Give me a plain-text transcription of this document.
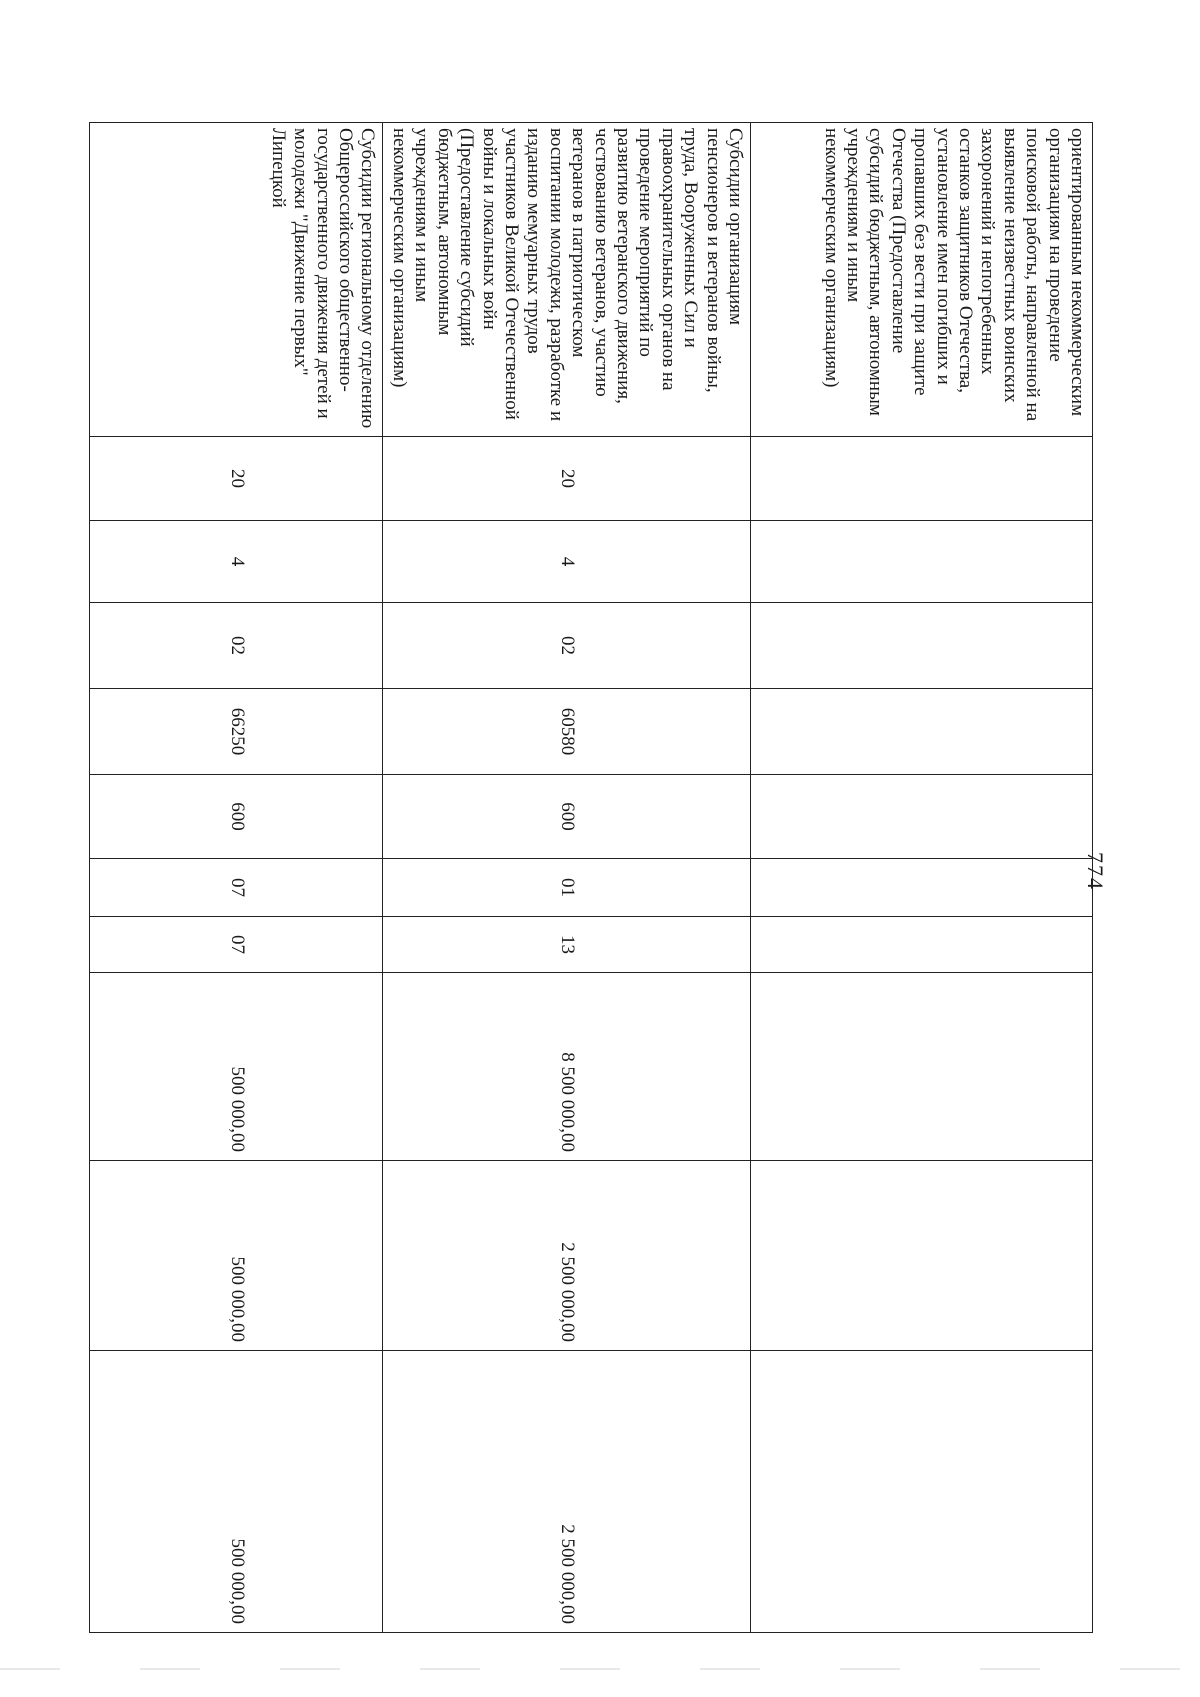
774
ориентированным некоммерческим организациям на проведение поисковой работы, направленной на выявление неизвестных воинских захоронений и непогребенных останков защитников Отечества, установление имен погибших и пропавших без вести при защите Отечества (Предоставление субсидий бюджетным, автономным учреждениям и иным некоммерческим организациям)										
Субсидии организациям пенсионеров и ветеранов войны, труда, Вооруженных Сил и правоохранительных органов на проведение мероприятий по развитию ветеранского движения, чествованию ветеранов, участию ветеранов в патриотическом воспитании молодежи, разработке и изданию мемуарных трудов участников Великой Отечественной войны и локальных войн (Предоставление субсидий бюджетным, автономным учреждениям и иным некоммерческим организациям)	20	4	02	60580	600	01	13	8 500 000,00	2 500 000,00	2 500 000,00
Субсидии региональному отделению Общероссийского общественно-государственного движения детей и молодежи "Движение первых" Липецкой	20	4	02	66250	600	07	07	500 000,00	500 000,00	500 000,00
